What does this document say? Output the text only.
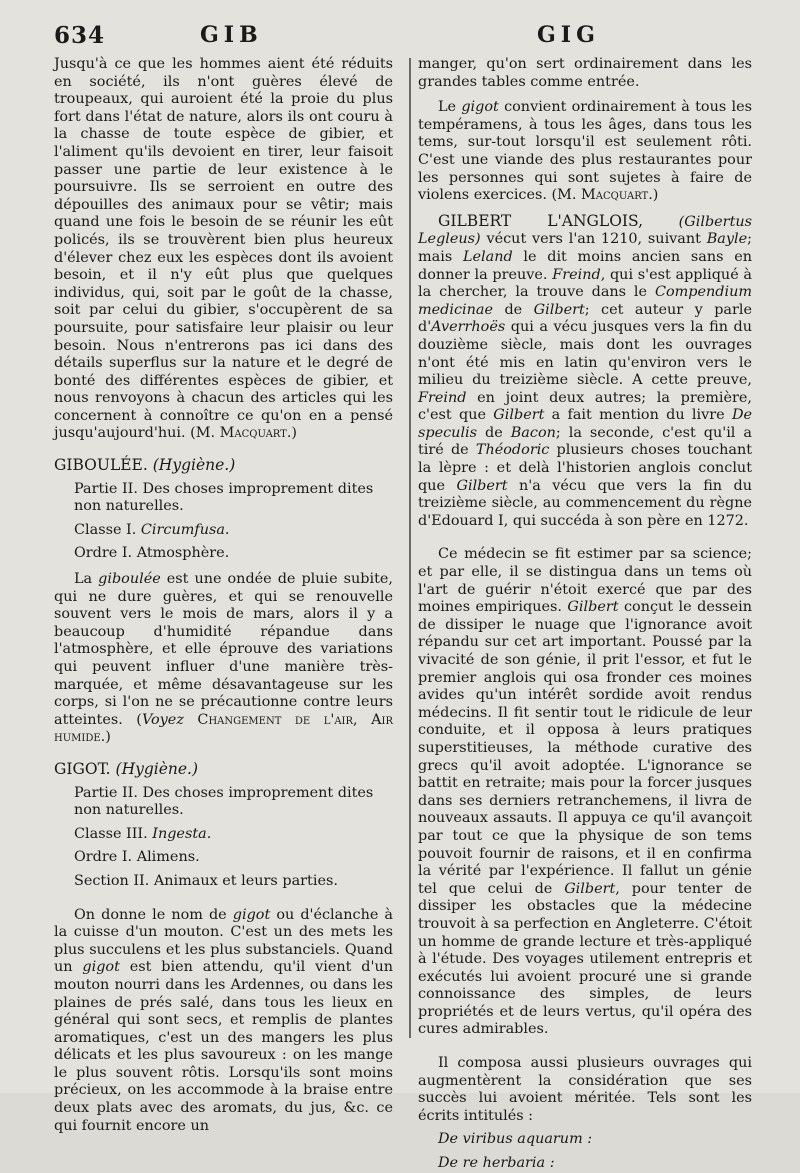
634	GIB	GIG

Jusqu'à ce que les hommes aient été réduits en société, ils n'ont guères élevé de troupeaux, qui auroient été la proie du plus fort dans l'état de nature, alors ils ont couru à la chasse de toute espèce de gibier, et l'aliment qu'ils devoient en tirer, leur faisoit passer une partie de leur existence à le poursuivre. Ils se serroient en outre des dépouilles des animaux pour se vêtir; mais quand une fois le besoin de se réunir les eût policés, ils se trouvèrent bien plus heureux d'élever chez eux les espèces dont ils avoient besoin, et il n'y eût plus que quelques individus, qui, soit par le goût de la chasse, soit par celui du gibier, s'occupèrent de sa poursuite, pour satisfaire leur plaisir ou leur besoin. Nous n'entrerons pas ici dans des détails superflus sur la nature et le degré de bonté des différentes espèces de gibier, et nous renvoyons à chacun des articles qui les concernent à connoître ce qu'on en a pensé jusqu'aujourd'hui. (M. Macquart.)

GIBOULÉE. (Hygiène.)

Partie II. Des choses improprement dites non naturelles.

Classe I. Circumfusa.

Ordre I. Atmosphère.

La giboulée est une ondée de pluie subite, qui ne dure guères, et qui se renouvelle souvent vers le mois de mars, alors il y a beaucoup d'humidité répandue dans l'atmosphère, et elle éprouve des variations qui peuvent influer d'une manière très-marquée, et même désavantageuse sur les corps, si l'on ne se précautionne contre leurs atteintes. (Voyez Changement de l'air, Air humide.)

GIGOT. (Hygiène.)

Partie II. Des choses improprement dites non naturelles.

Classe III. Ingesta.

Ordre I. Alimens.

Section II. Animaux et leurs parties.

On donne le nom de gigot ou d'éclanche à la cuisse d'un mouton. C'est un des mets les plus succulens et les plus substanciels. Quand un gigot est bien attendu, qu'il vient d'un mouton nourri dans les Ardennes, ou dans les plaines de prés salé, dans tous les lieux en général qui sont secs, et remplis de plantes aromatiques, c'est un des mangers les plus délicats et les plus savoureux : on les mange le plus souvent rôtis. Lorsqu'ils sont moins précieux, on les accommode à la braise entre deux plats avec des aromats, du jus, &c. ce qui fournit encore un

manger, qu'on sert ordinairement dans les grandes tables comme entrée.

Le gigot convient ordinairement à tous les tempéramens, à tous les âges, dans tous les tems, sur-tout lorsqu'il est seulement rôti. C'est une viande des plus restaurantes pour les personnes qui sont sujetes à faire de violens exercices. (M. Macquart.)

GILBERT L'ANGLOIS, (Gilbertus Legleus) vécut vers l'an 1210, suivant Bayle; mais Leland le dit moins ancien sans en donner la preuve. Freind, qui s'est appliqué à la chercher, la trouve dans le Compendium medicinae de Gilbert; cet auteur y parle d'Averrhoës qui a vécu jusques vers la fin du douzième siècle, mais dont les ouvrages n'ont été mis en latin qu'environ vers le milieu du treizième siècle. A cette preuve, Freind en joint deux autres; la première, c'est que Gilbert a fait mention du livre De speculis de Bacon; la seconde, c'est qu'il a tiré de Théodoric plusieurs choses touchant la lèpre : et delà l'historien anglois conclut que Gilbert n'a vécu que vers la fin du treizième siècle, au commencement du règne d'Edouard I, qui succéda à son père en 1272.

Ce médecin se fit estimer par sa science; et par elle, il se distingua dans un tems où l'art de guérir n'étoit exercé que par des moines empiriques. Gilbert conçut le dessein de dissiper le nuage que l'ignorance avoit répandu sur cet art important. Poussé par la vivacité de son génie, il prit l'essor, et fut le premier anglois qui osa fronder ces moines avides qu'un intérêt sordide avoit rendus médecins. Il fit sentir tout le ridicule de leur conduite, et il opposa à leurs pratiques superstitieuses, la méthode curative des grecs qu'il avoit adoptée. L'ignorance se battit en retraite; mais pour la forcer jusques dans ses derniers retranchemens, il livra de nouveaux assauts. Il appuya ce qu'il avançoit par tout ce que la physique de son tems pouvoit fournir de raisons, et il en confirma la vérité par l'expérience. Il fallut un génie tel que celui de Gilbert, pour tenter de dissiper les obstacles que la médecine trouvoit à sa perfection en Angleterre. C'étoit un homme de grande lecture et très-appliqué à l'étude. Des voyages utilement entrepris et exécutés lui avoient procuré une si grande connoissance des simples, de leurs propriétés et de leurs vertus, qu'il opéra des cures admirables.

Il composa aussi plusieurs ouvrages qui augmentèrent la considération que ses succès lui avoient méritée. Tels sont les écrits intitulés :

De viribus aquarum :

De re herbaria :
